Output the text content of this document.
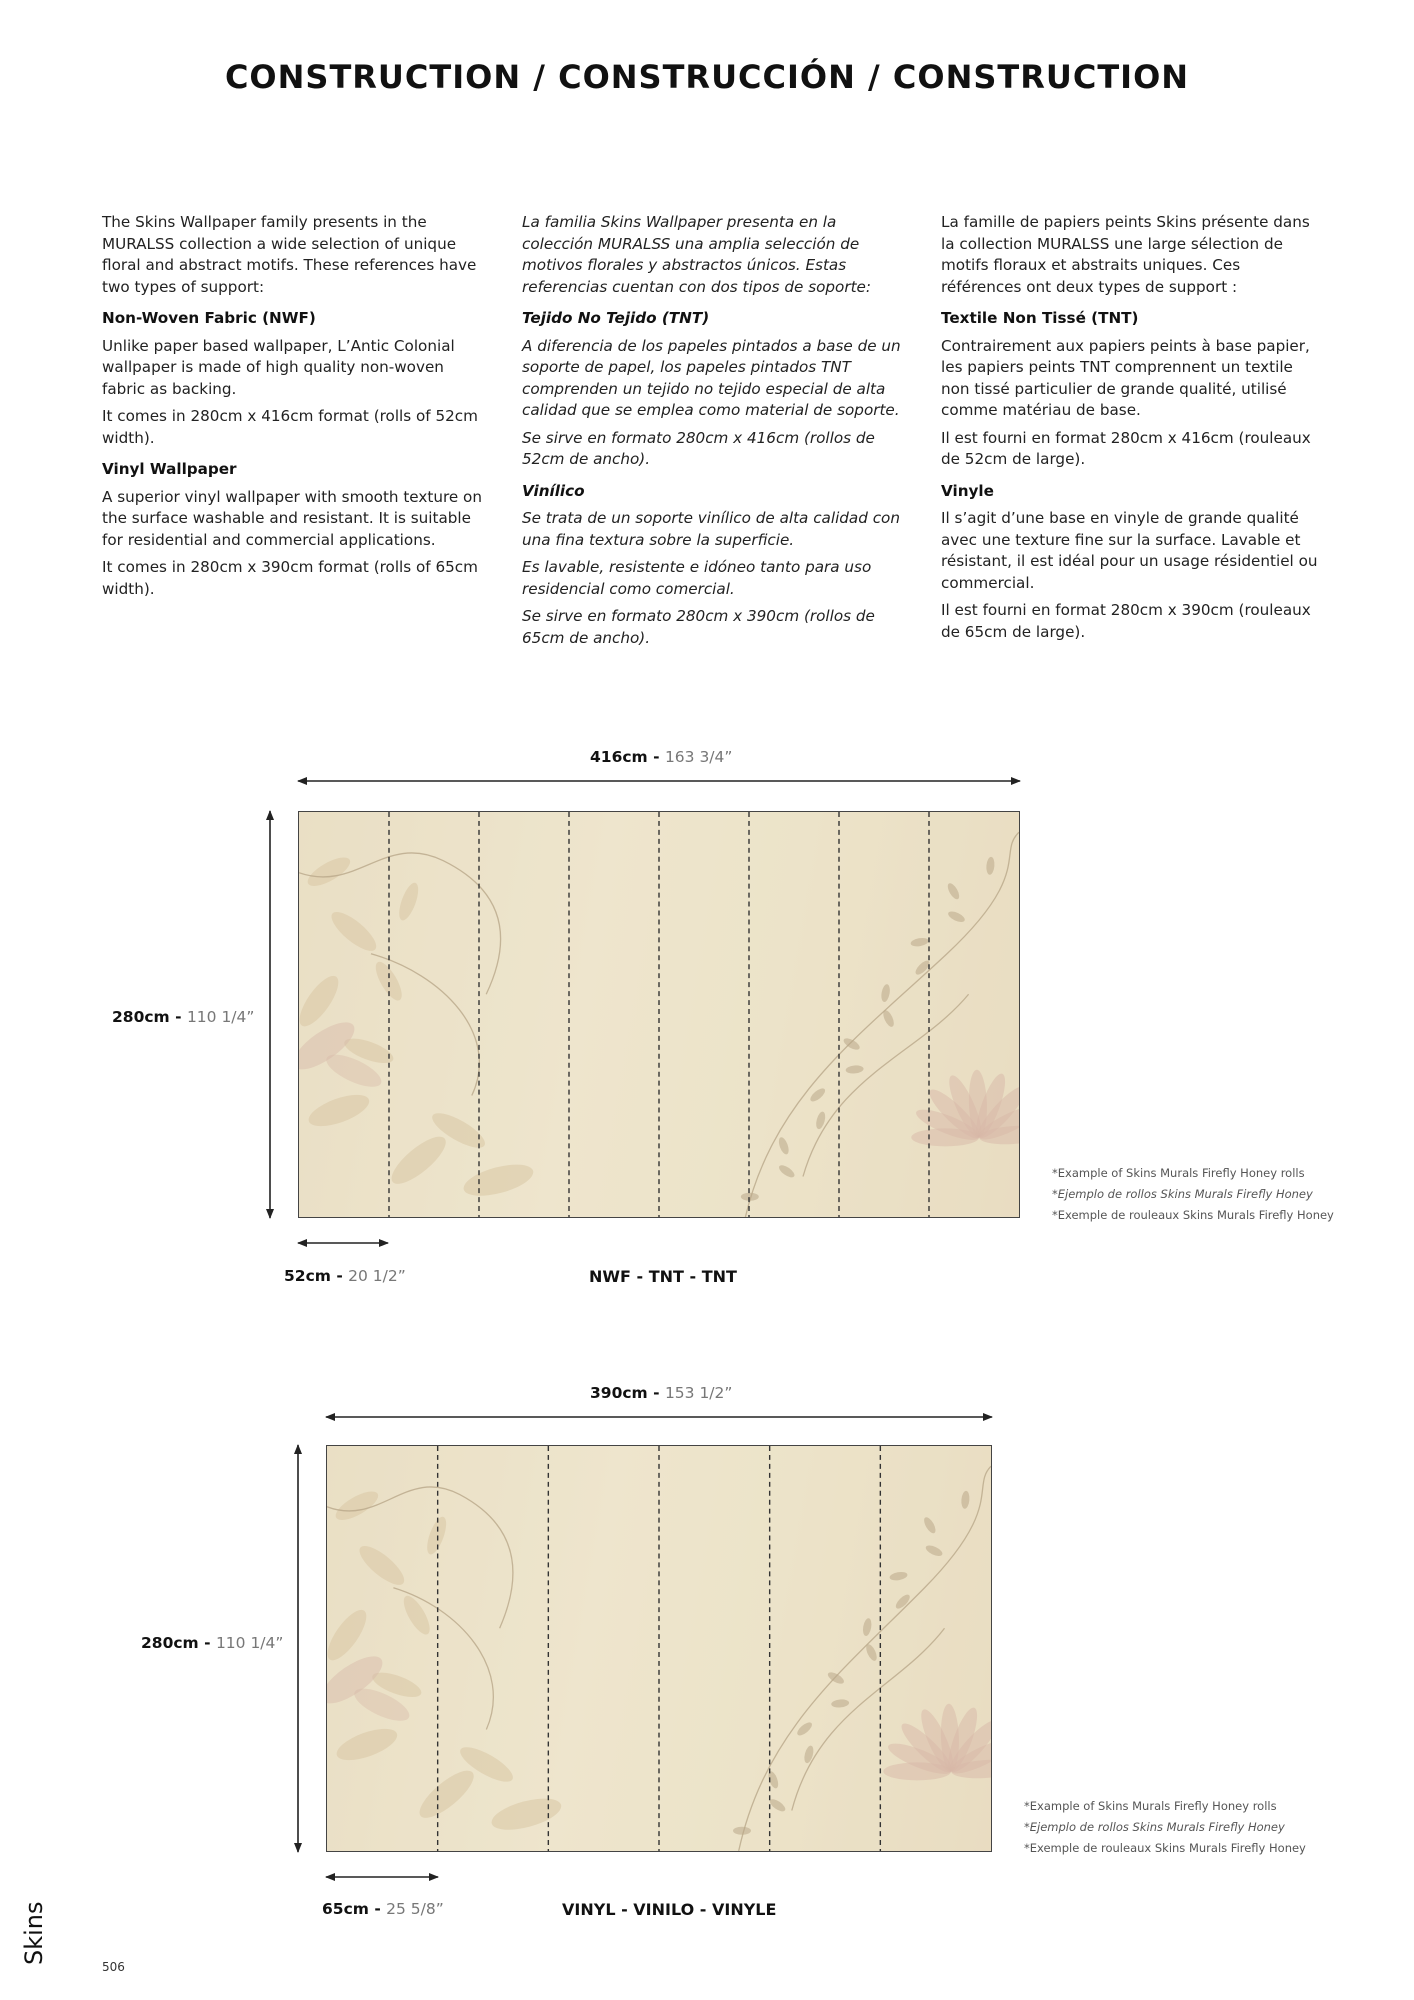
CONSTRUCTION / CONSTRUCCIÓN / CONSTRUCTION

The Skins Wallpaper family presents in the MURALSS collection a wide selection of unique floral and abstract motifs. These references have two types of support:

Non-Woven Fabric (NWF)

Unlike paper based wallpaper, L’Antic Colonial wallpaper is made of high quality non-woven fabric as backing.

It comes in 280cm x 416cm format (rolls of 52cm width).

Vinyl Wallpaper

A superior vinyl wallpaper with smooth texture on the surface washable and resistant. It is suitable for residential and commercial applications.

It comes in 280cm x 390cm format (rolls of 65cm width).

La familia Skins Wallpaper presenta en la colección MURALSS una amplia selección de motivos florales y abstractos únicos. Estas referencias cuentan con dos tipos de soporte:

Tejido No Tejido (TNT)

A diferencia de los papeles pintados a base de un soporte de papel, los papeles pintados TNT comprenden un tejido no tejido especial de alta calidad que se emplea como material de soporte.

Se sirve en formato 280cm x 416cm (rollos de 52cm de ancho).

Vinílico

Se trata de un soporte vinílico de alta calidad con una fina textura sobre la superficie.

Es lavable, resistente e idóneo tanto para uso residencial como comercial.

Se sirve en formato 280cm x 390cm (rollos de 65cm de ancho).

La famille de papiers peints Skins présente dans la collection MURALSS une large sélection de motifs floraux et abstraits uniques. Ces références ont deux types de support :

Textile Non Tissé (TNT)

Contrairement aux papiers peints à base papier, les papiers peints TNT comprennent un textile non tissé particulier de grande qualité, utilisé comme matériau de base.

Il est fourni en format 280cm x 416cm (rouleaux de 52cm de large).

Vinyle

Il s’agit d’une base en vinyle de grande qualité avec une texture fine sur la surface. Lavable et résistant, il est idéal pour un usage résidentiel ou commercial.

Il est fourni en format 280cm x 390cm (rouleaux de 65cm de large).

416cm - 163 3/4”
280cm - 110 1/4”
52cm - 20 1/2”	NWF - TNT - TNT
*Example of Skins Murals Firefly Honey rolls
*Ejemplo de rollos Skins Murals Firefly Honey
*Exemple de rouleaux Skins Murals Firefly Honey
390cm - 153 1/2”
280cm - 110 1/4”
65cm - 25 5/8”	VINYL - VINILO - VINYLE
*Example of Skins Murals Firefly Honey rolls
*Ejemplo de rollos Skins Murals Firefly Honey
*Exemple de rouleaux Skins Murals Firefly Honey
Skins
506
